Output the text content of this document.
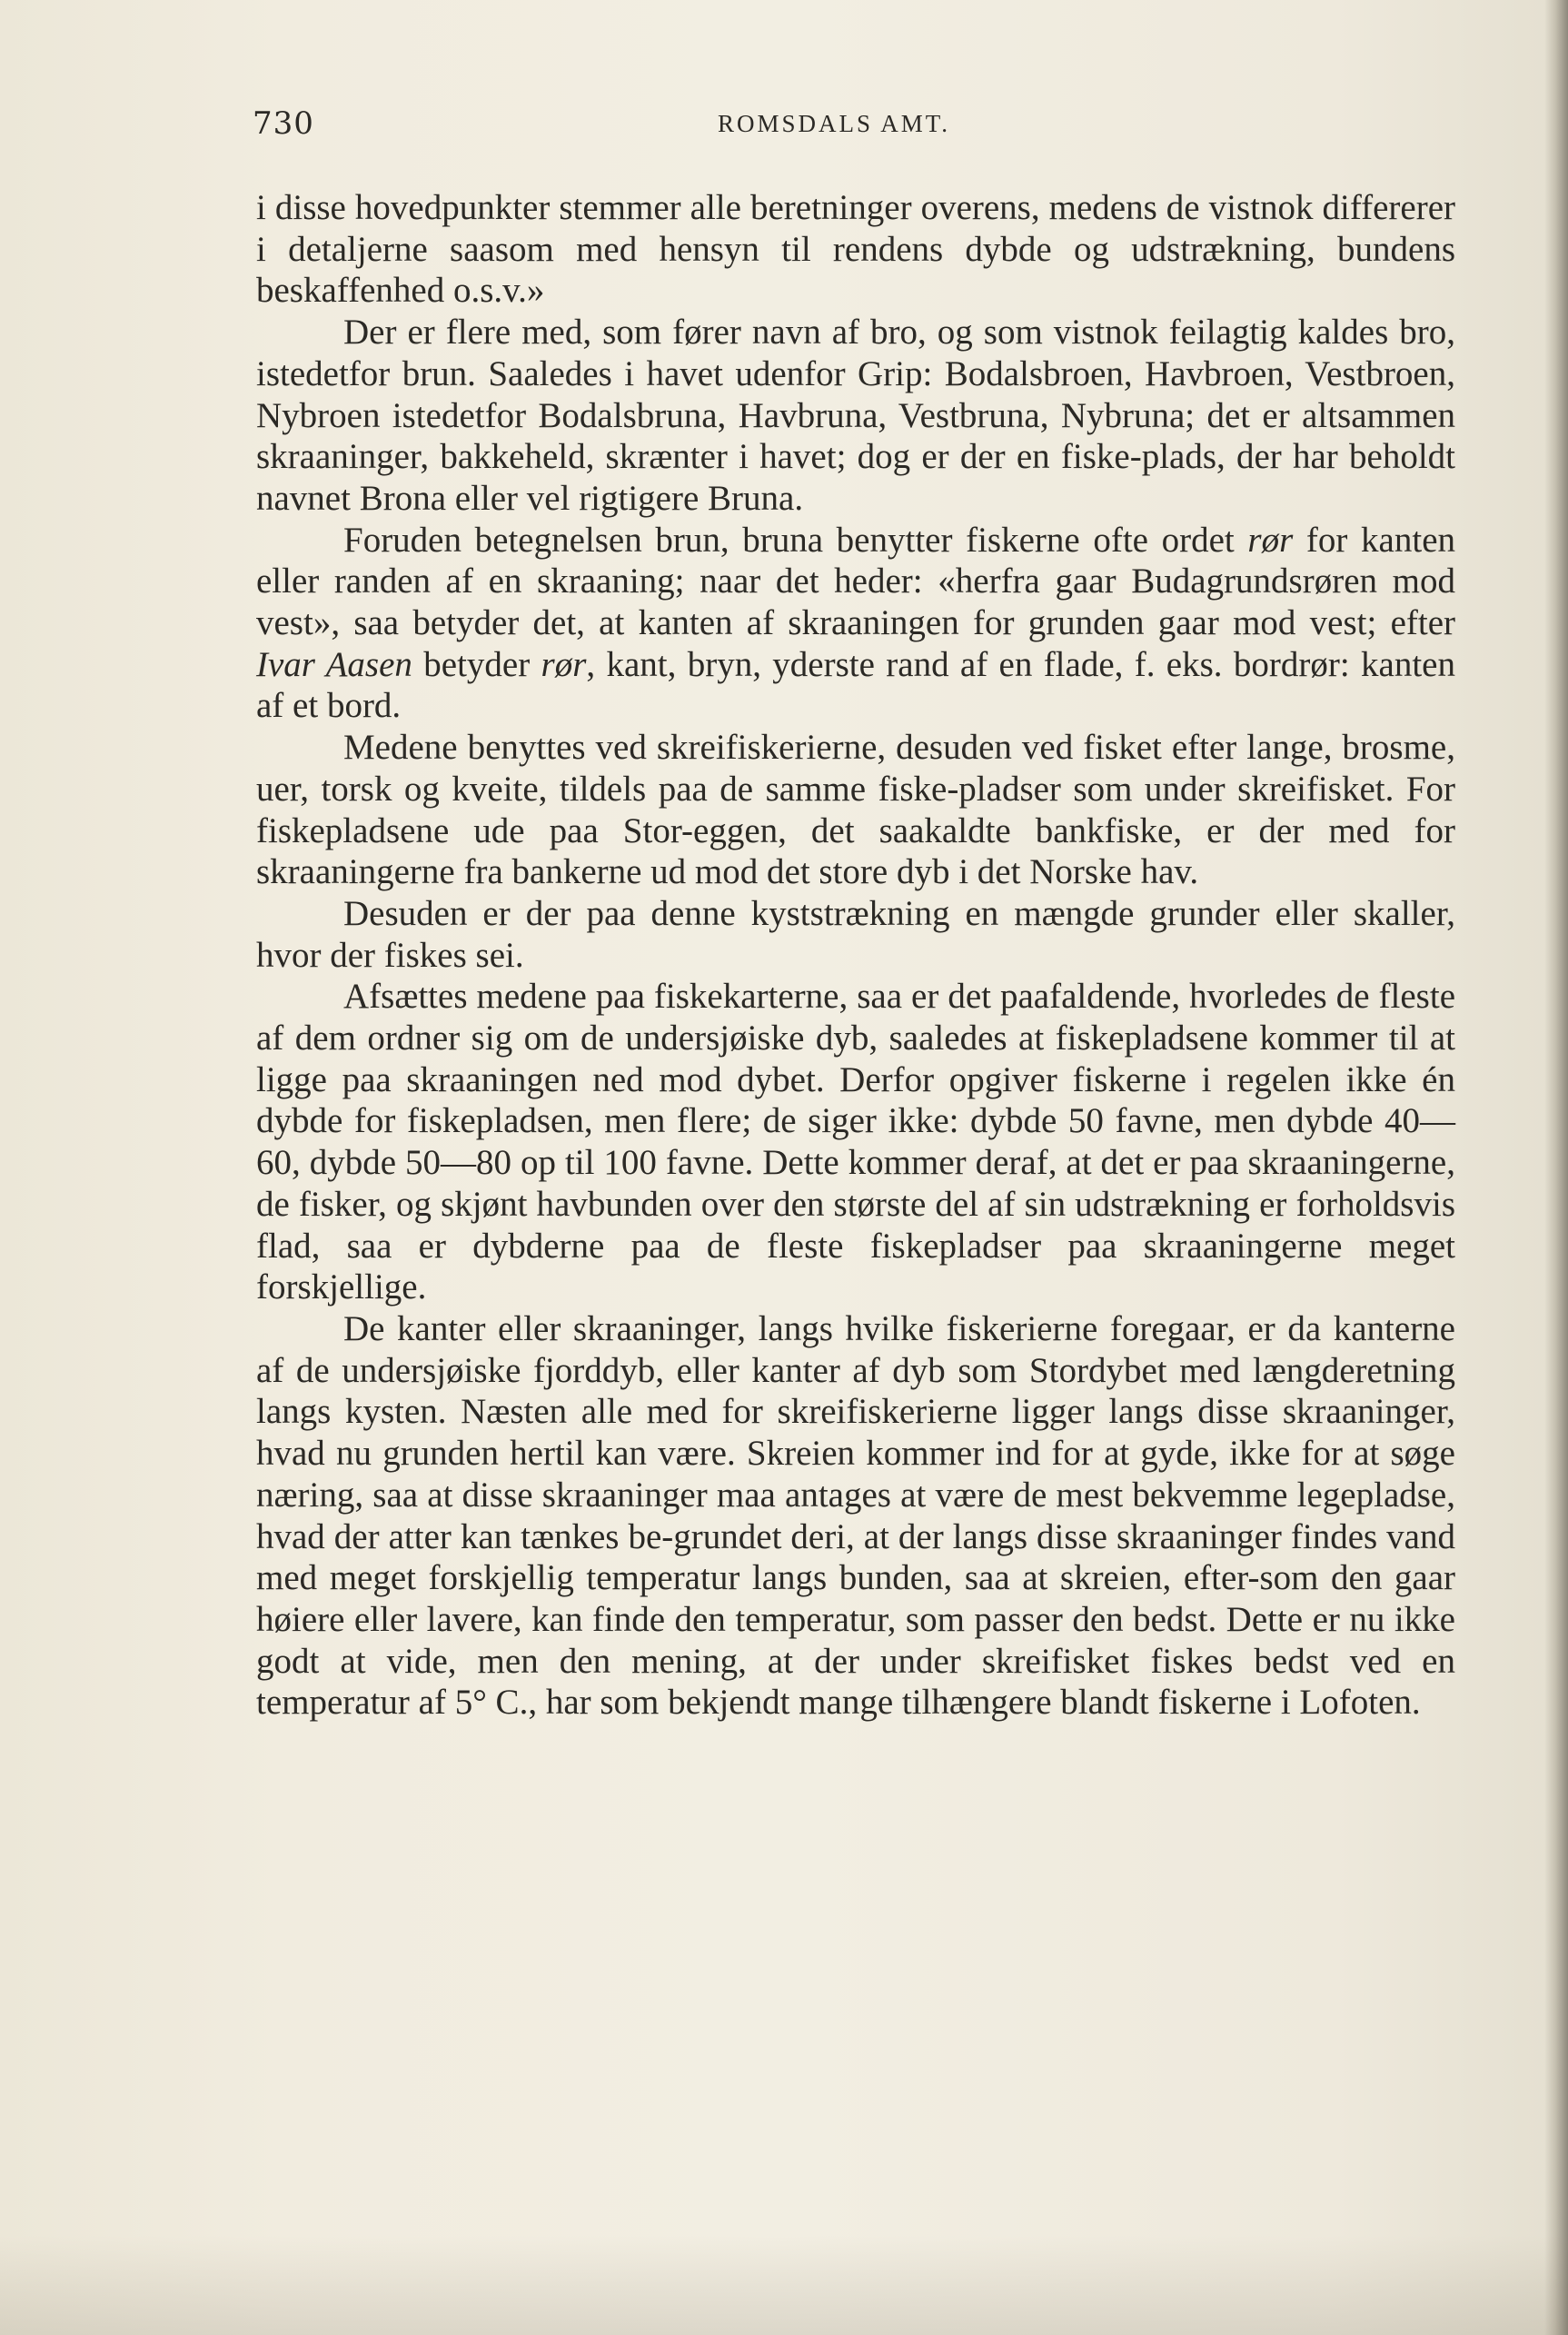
730	ROMSDALS AMT.

i disse hovedpunkter stemmer alle beretninger overens, medens de vistnok differerer i detaljerne saasom med hensyn til rendens dybde og udstrækning, bundens beskaffenhed o.s.v.»

Der er flere med, som fører navn af bro, og som vistnok feilagtig kaldes bro, istedetfor brun. Saaledes i havet udenfor Grip: Bodalsbroen, Havbroen, Vestbroen, Nybroen istedetfor Bodalsbruna, Havbruna, Vestbruna, Nybruna; det er altsammen skraaninger, bakkeheld, skrænter i havet; dog er der en fiske-plads, der har beholdt navnet Brona eller vel rigtigere Bruna.

Foruden betegnelsen brun, bruna benytter fiskerne ofte ordet rør for kanten eller randen af en skraaning; naar det heder: «herfra gaar Budagrundsrøren mod vest», saa betyder det, at kanten af skraaningen for grunden gaar mod vest; efter Ivar Aasen betyder rør, kant, bryn, yderste rand af en flade, f. eks. bordrør: kanten af et bord.

Medene benyttes ved skreifiskerierne, desuden ved fisket efter lange, brosme, uer, torsk og kveite, tildels paa de samme fiske-pladser som under skreifisket. For fiskepladsene ude paa Stor-eggen, det saakaldte bankfiske, er der med for skraaningerne fra bankerne ud mod det store dyb i det Norske hav.

Desuden er der paa denne kyststrækning en mængde grunder eller skaller, hvor der fiskes sei.

Afsættes medene paa fiskekarterne, saa er det paafaldende, hvorledes de fleste af dem ordner sig om de undersjøiske dyb, saaledes at fiskepladsene kommer til at ligge paa skraaningen ned mod dybet. Derfor opgiver fiskerne i regelen ikke én dybde for fiskepladsen, men flere; de siger ikke: dybde 50 favne, men dybde 40—60, dybde 50—80 op til 100 favne. Dette kommer deraf, at det er paa skraaningerne, de fisker, og skjønt havbunden over den største del af sin udstrækning er forholdsvis flad, saa er dybderne paa de fleste fiskepladser paa skraaningerne meget forskjellige.

De kanter eller skraaninger, langs hvilke fiskerierne foregaar, er da kanterne af de undersjøiske fjorddyb, eller kanter af dyb som Stordybet med længderetning langs kysten. Næsten alle med for skreifiskerierne ligger langs disse skraaninger, hvad nu grunden hertil kan være. Skreien kommer ind for at gyde, ikke for at søge næring, saa at disse skraaninger maa antages at være de mest bekvemme legepladse, hvad der atter kan tænkes be-grundet deri, at der langs disse skraaninger findes vand med meget forskjellig temperatur langs bunden, saa at skreien, efter-som den gaar høiere eller lavere, kan finde den temperatur, som passer den bedst. Dette er nu ikke godt at vide, men den mening, at der under skreifisket fiskes bedst ved en temperatur af 5° C., har som bekjendt mange tilhængere blandt fiskerne i Lofoten.
